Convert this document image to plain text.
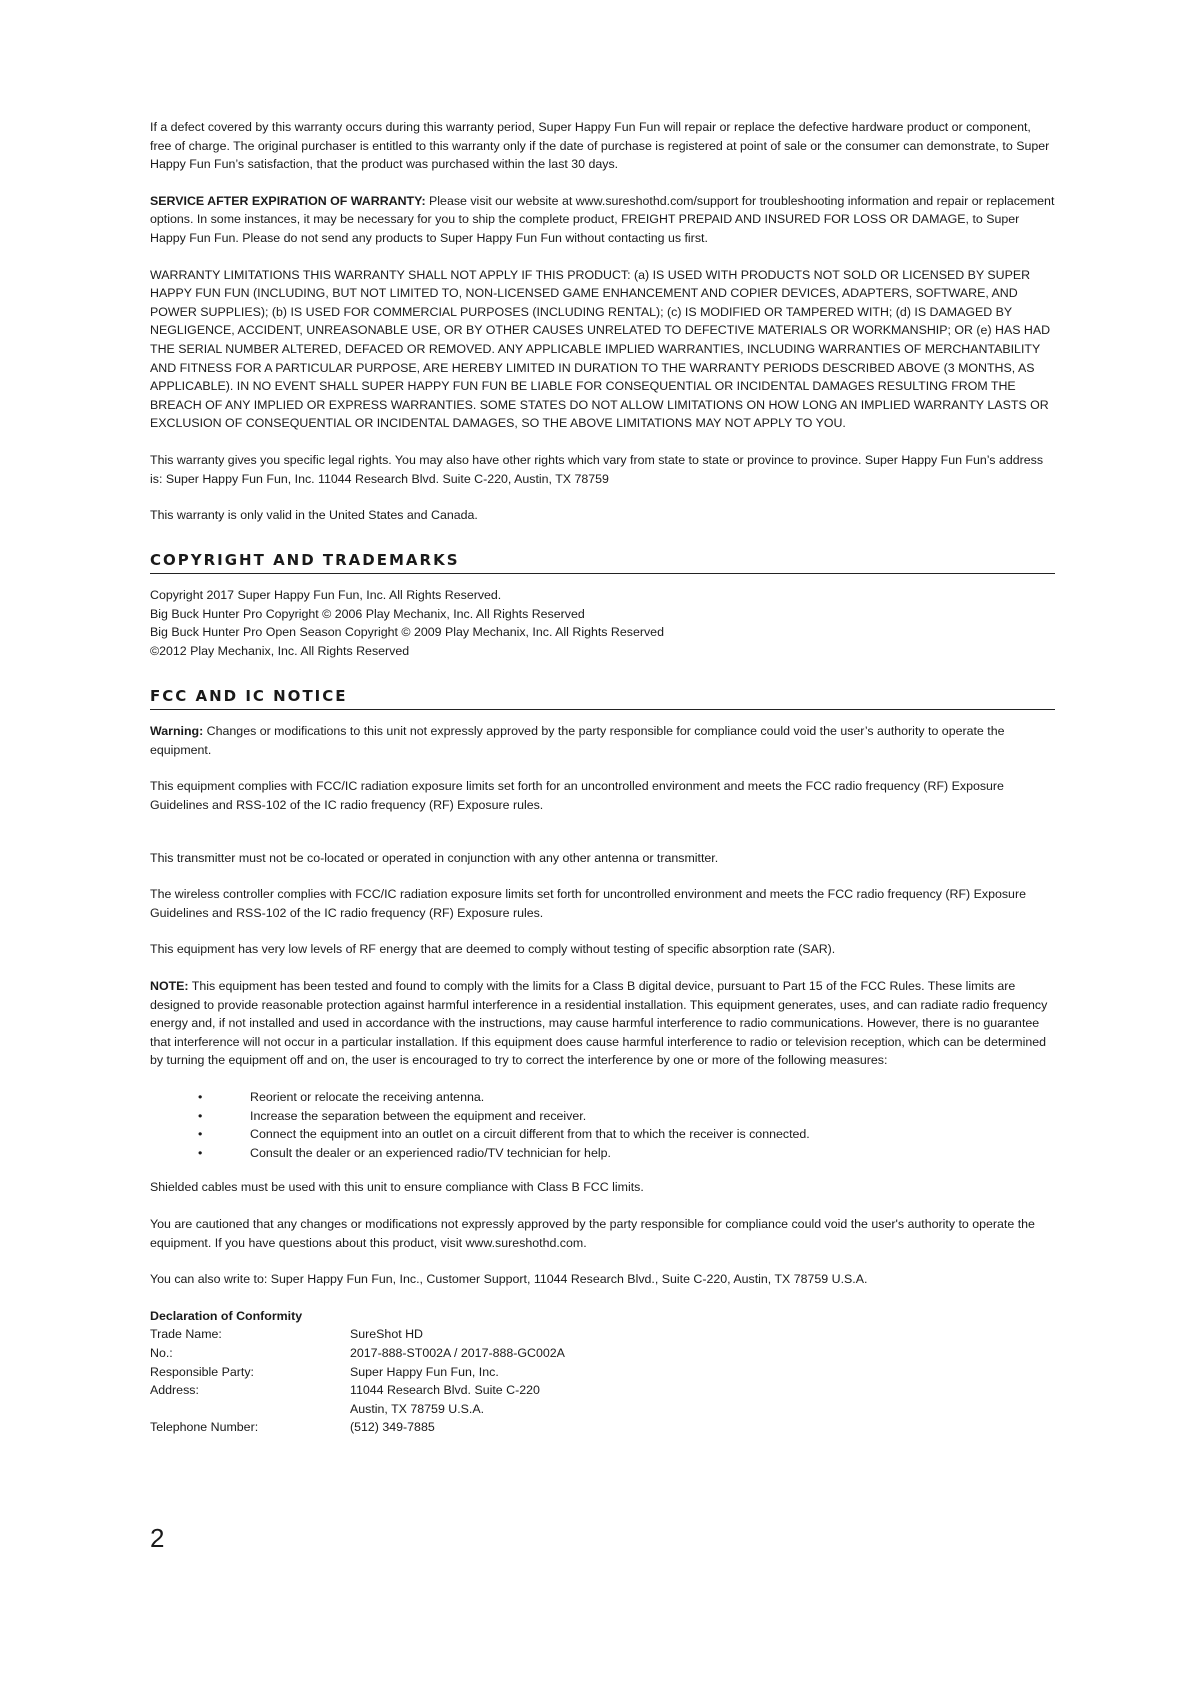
If a defect covered by this warranty occurs during this warranty period, Super Happy Fun Fun will repair or replace the defective hardware product or component, free of charge. The original purchaser is entitled to this warranty only if the date of purchase is registered at point of sale or the consumer can demonstrate, to Super Happy Fun Fun’s satisfaction, that the product was purchased within the last 30 days.

SERVICE AFTER EXPIRATION OF WARRANTY: Please visit our website at www.sureshothd.com/support for troubleshooting information and repair or replacement options. In some instances, it may be necessary for you to ship the complete product, FREIGHT PREPAID AND INSURED FOR LOSS OR DAMAGE, to Super Happy Fun Fun. Please do not send any products to Super Happy Fun Fun without contacting us first.

WARRANTY LIMITATIONS THIS WARRANTY SHALL NOT APPLY IF THIS PRODUCT: (a) IS USED WITH PRODUCTS NOT SOLD OR LICENSED BY SUPER HAPPY FUN FUN (INCLUDING, BUT NOT LIMITED TO, NON-LICENSED GAME ENHANCEMENT AND COPIER DEVICES, ADAPTERS, SOFTWARE, AND POWER SUPPLIES); (b) IS USED FOR COMMERCIAL PURPOSES (INCLUDING RENTAL); (c) IS MODIFIED OR TAMPERED WITH; (d) IS DAMAGED BY NEGLIGENCE, ACCIDENT, UNREASONABLE USE, OR BY OTHER CAUSES UNRELATED TO DEFECTIVE MATERIALS OR WORKMANSHIP; OR (e) HAS HAD THE SERIAL NUMBER ALTERED, DEFACED OR REMOVED. ANY APPLICABLE IMPLIED WARRANTIES, INCLUDING WARRANTIES OF MERCHANTABILITY AND FITNESS FOR A PARTICULAR PURPOSE, ARE HEREBY LIMITED IN DURATION TO THE WARRANTY PERIODS DESCRIBED ABOVE (3 MONTHS, AS APPLICABLE). IN NO EVENT SHALL SUPER HAPPY FUN FUN BE LIABLE FOR CONSEQUENTIAL OR INCIDENTAL DAMAGES RESULTING FROM THE BREACH OF ANY IMPLIED OR EXPRESS WARRANTIES. SOME STATES DO NOT ALLOW LIMITATIONS ON HOW LONG AN IMPLIED WARRANTY LASTS OR EXCLUSION OF CONSEQUENTIAL OR INCIDENTAL DAMAGES, SO THE ABOVE LIMITATIONS MAY NOT APPLY TO YOU.

This warranty gives you specific legal rights. You may also have other rights which vary from state to state or province to province. Super Happy Fun Fun’s address is: Super Happy Fun Fun, Inc. 11044 Research Blvd. Suite C-220, Austin, TX 78759

This warranty is only valid in the United States and Canada.

COPYRIGHT AND TRADEMARKS
Copyright 2017 Super Happy Fun Fun, Inc. All Rights Reserved.
Big Buck Hunter Pro Copyright © 2006 Play Mechanix, Inc. All Rights Reserved
Big Buck Hunter Pro Open Season Copyright © 2009 Play Mechanix, Inc. All Rights Reserved
©2012 Play Mechanix, Inc. All Rights Reserved
FCC AND IC NOTICE

Warning: Changes or modifications to this unit not expressly approved by the party responsible for compliance could void the user’s authority to operate the equipment.

This equipment complies with FCC/IC radiation exposure limits set forth for an uncontrolled environment and meets the FCC radio frequency (RF) Exposure Guidelines and RSS-102 of the IC radio frequency (RF) Exposure rules.

This transmitter must not be co-located or operated in conjunction with any other antenna or transmitter.

The wireless controller complies with FCC/IC radiation exposure limits set forth for uncontrolled environment and meets the FCC radio frequency (RF) Exposure Guidelines and RSS-102 of the IC radio frequency (RF) Exposure rules.

This equipment has very low levels of RF energy that are deemed to comply without testing of specific absorption rate (SAR).

NOTE: This equipment has been tested and found to comply with the limits for a Class B digital device, pursuant to Part 15 of the FCC Rules. These limits are designed to provide reasonable protection against harmful interference in a residential installation. This equipment generates, uses, and can radiate radio frequency energy and, if not installed and used in accordance with the instructions, may cause harmful interference to radio communications. However, there is no guarantee that interference will not occur in a particular installation. If this equipment does cause harmful interference to radio or television reception, which can be determined by turning the equipment off and on, the user is encouraged to try to correct the interference by one or more of the following measures:

• Reorient or relocate the receiving antenna.
• Increase the separation between the equipment and receiver.
• Connect the equipment into an outlet on a circuit different from that to which the receiver is connected.
• Consult the dealer or an experienced radio/TV technician for help.

Shielded cables must be used with this unit to ensure compliance with Class B FCC limits.

You are cautioned that any changes or modifications not expressly approved by the party responsible for compliance could void the user's authority to operate the equipment. If you have questions about this product, visit www.sureshothd.com.

You can also write to: Super Happy Fun Fun, Inc., Customer Support, 11044 Research Blvd., Suite C-220, Austin, TX 78759 U.S.A.

Declaration of Conformity
Trade Name:	SureShot HD
No.:	2017-888-ST002A / 2017-888-GC002A
Responsible Party:	Super Happy Fun Fun, Inc.
Address:	11044 Research Blvd. Suite C-220
Austin, TX 78759 U.S.A.
Telephone Number:	(512) 349-7885
2
